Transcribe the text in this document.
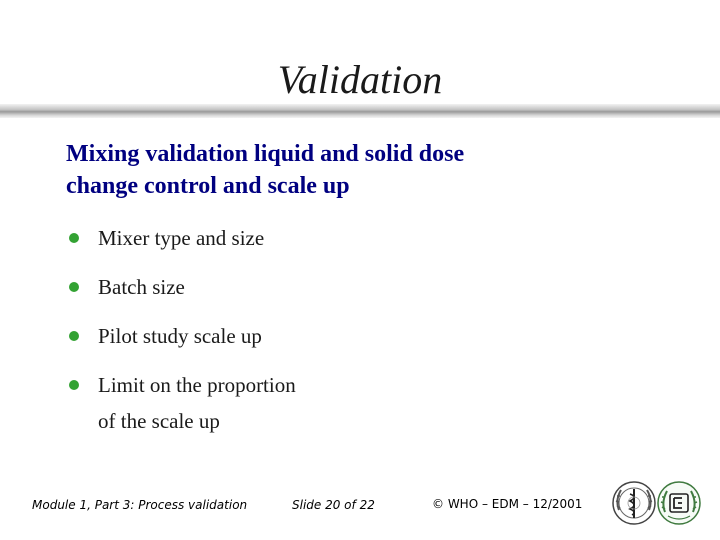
Validation
Mixing validation liquid and solid dose
change control and scale up
Mixer type and size
Batch size
Pilot study scale up
Limit on the proportion
of the scale up
Module 1, Part 3: Process validation	Slide 20 of 22	© WHO – EDM – 12/2001
